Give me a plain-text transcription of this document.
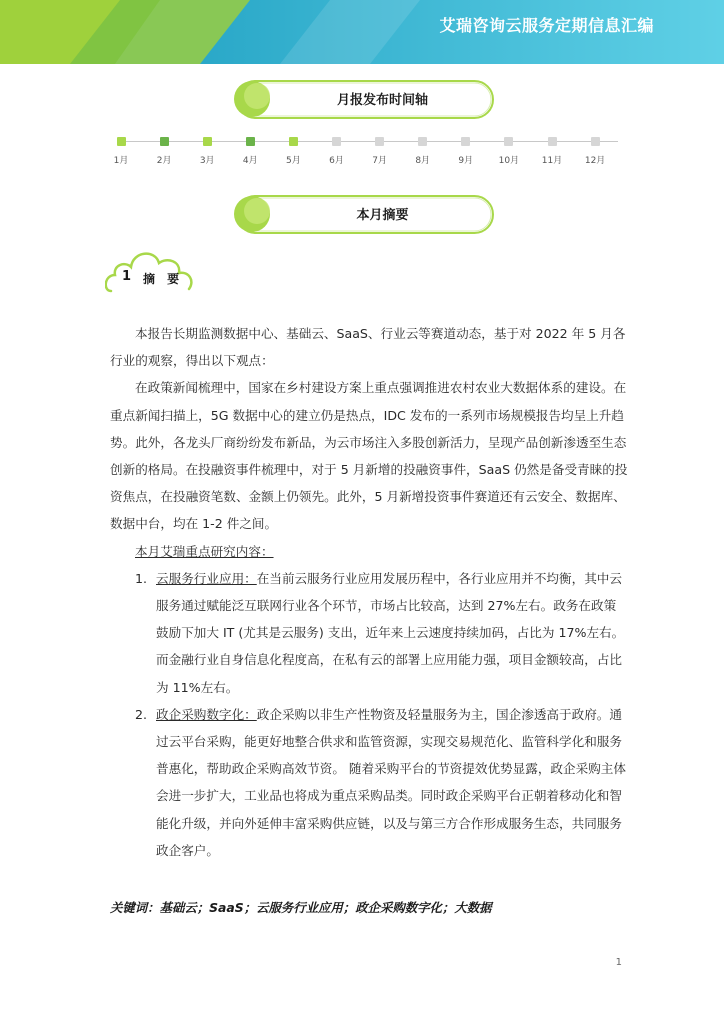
艾瑞咨询云服务定期信息汇编
月报发布时间轴
1月	2月	3月	4月	5月	6月	7月	8月	9月	10月	11月	12月
本月摘要
1 摘 要

本报告长期监测数据中心、基础云、SaaS、行业云等赛道动态，基于对 2022 年 5 月各行业的观察，得出以下观点：

在政策新闻梳理中，国家在乡村建设方案上重点强调推进农村农业大数据体系的建设。在重点新闻扫描上，5G 数据中心的建立仍是热点，IDC 发布的一系列市场规模报告均呈上升趋势。此外，各龙头厂商纷纷发布新品，为云市场注入多股创新活力，呈现产品创新渗透至生态创新的格局。在投融资事件梳理中，对于 5 月新增的投融资事件，SaaS 仍然是备受青睐的投资焦点，在投融资笔数、金额上仍领先。此外，5 月新增投资事件赛道还有云安全、数据库、数据中台，均在 1-2 件之间。

本月艾瑞重点研究内容：

1. 云服务行业应用：在当前云服务行业应用发展历程中，各行业应用并不均衡，其中云服务通过赋能泛互联网行业各个环节，市场占比较高，达到 27%左右。政务在政策鼓励下加大 IT (尤其是云服务) 支出，近年来上云速度持续加码，占比为 17%左右。而金融行业自身信息化程度高，在私有云的部署上应用能力强，项目金额较高，占比为 11%左右。
2. 政企采购数字化：政企采购以非生产性物资及轻量服务为主，国企渗透高于政府。通过云平台采购，能更好地整合供求和监管资源，实现交易规范化、监管科学化和服务普惠化，帮助政企采购高效节资。 随着采购平台的节资提效优势显露，政企采购主体会进一步扩大，工业品也将成为重点采购品类。同时政企采购平台正朝着移动化和智能化升级，并向外延伸丰富采购供应链，以及与第三方合作形成服务生态，共同服务政企客户。
关键词：基础云；SaaS；云服务行业应用；政企采购数字化；大数据
1
